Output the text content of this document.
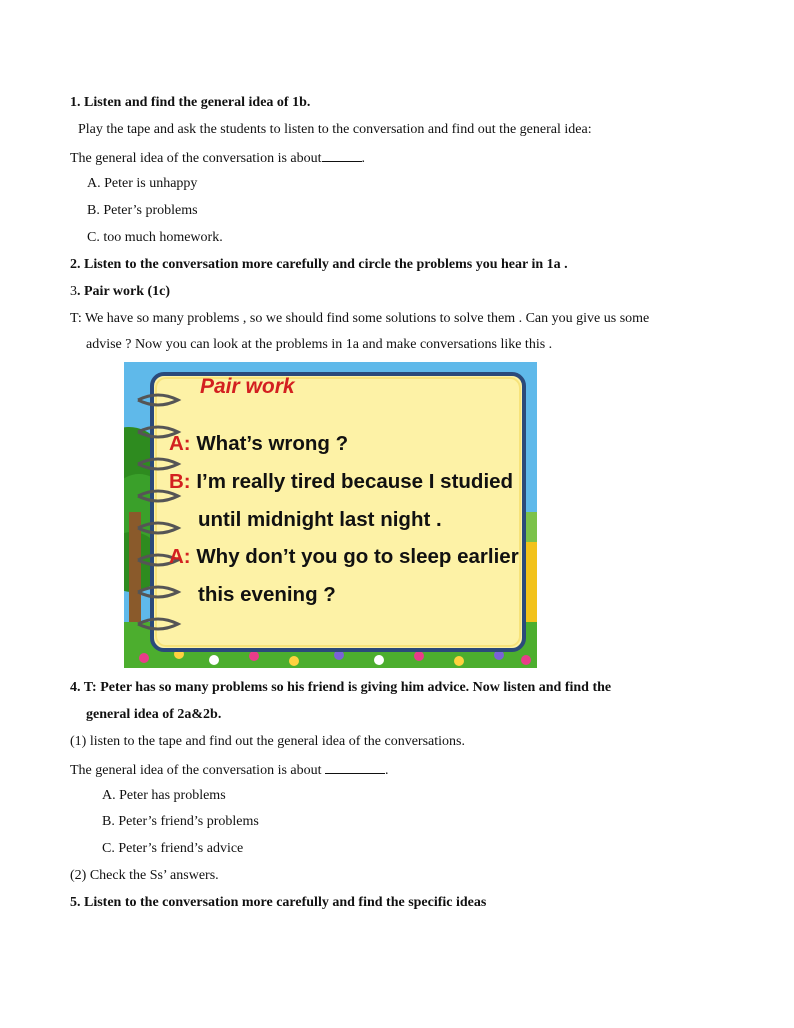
1. Listen and find the general idea of 1b.
Play the tape and ask the students to listen to the conversation and find out the general idea:
The general idea of the conversation is about	.
A. Peter is unhappy
B. Peter’s problems
C. too much homework.
2. Listen to the conversation more carefully and circle the problems you hear in 1a .
3. Pair work (1c)
T: We have so many problems , so we should find some solutions to solve them . Can you give us some
advise ? Now you can look at the problems in 1a and make conversations like this .
Pair work
A: What’s wrong ?
B: I’m really tired because I studied
until midnight last night .
A: Why don’t you go to sleep earlier
this evening ?
4. T: Peter has so many problems so his friend is giving him advice. Now listen and find the
general idea of 2a&2b.
(1) listen to the tape and find out the general idea of the conversations.
The general idea of the conversation is about	.
A. Peter has problems
B. Peter’s friend’s problems
C. Peter’s friend’s advice
(2) Check the Ss’ answers.
5. Listen to the conversation more carefully and find the specific ideas
